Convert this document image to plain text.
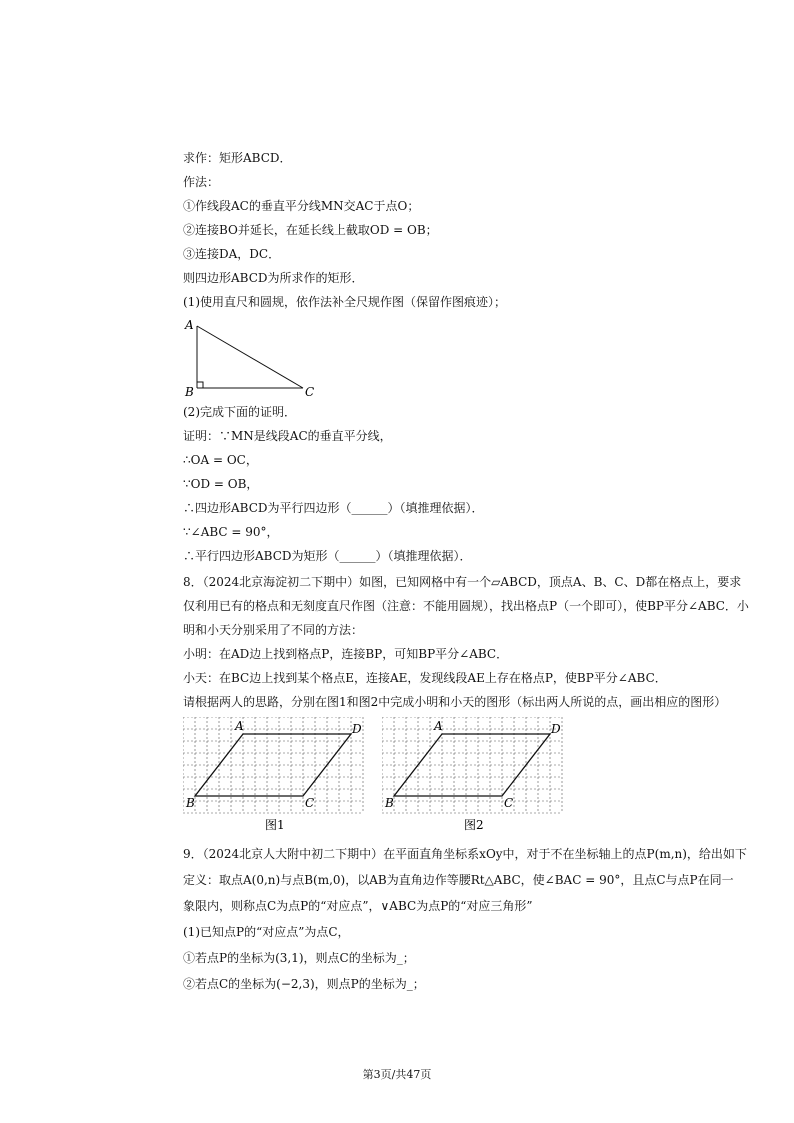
求作：矩形ABCD．
作法：
①作线段AC的垂直平分线MN交AC于点O；
②连接BO并延长，在延长线上截取OD = OB；
③连接DA，DC．
则四边形ABCD为所求作的矩形．
(1)使用直尺和圆规，依作法补全尺规作图（保留作图痕迹）；
A
B	C
(2)完成下面的证明．
证明：∵MN是线段AC的垂直平分线，
∴OA = OC，
∵OD = OB，
∴四边形ABCD为平行四边形（______）（填推理依据）．
∵∠ABC = 90°，
∴平行四边形ABCD为矩形（______）（填推理依据）．
8．（2024北京海淀初二下期中）如图，已知网格中有一个▱ABCD，顶点A、B、C、D都在格点上，要求
仅利用已有的格点和无刻度直尺作图（注意：不能用圆规），找出格点P（一个即可），使BP平分∠ABC．小
明和小天分别采用了不同的方法：
小明：在AD边上找到格点P，连接BP，可知BP平分∠ABC．
小天：在BC边上找到某个格点E，连接AE，发现线段AE上存在格点P，使BP平分∠ABC．
请根据两人的思路，分别在图1和图2中完成小明和小天的图形（标出两人所说的点，画出相应的图形）
A	D
B	C
图1
A	D
B	C
图2
9．（2024北京人大附中初二下期中）在平面直角坐标系xOy中，对于不在坐标轴上的点P(m,n)，给出如下
定义：取点A(0,n)与点B(m,0)，以AB为直角边作等腰Rt△ABC，使∠BAC = 90°，且点C与点P在同一
象限内，则称点C为点P的“对应点”，∨ABC为点P的“对应三角形”
(1)已知点P的“对应点”为点C，
①若点P的坐标为(3,1)，则点C的坐标为_；
②若点C的坐标为(−2,3)，则点P的坐标为_；
第3页/共47页
